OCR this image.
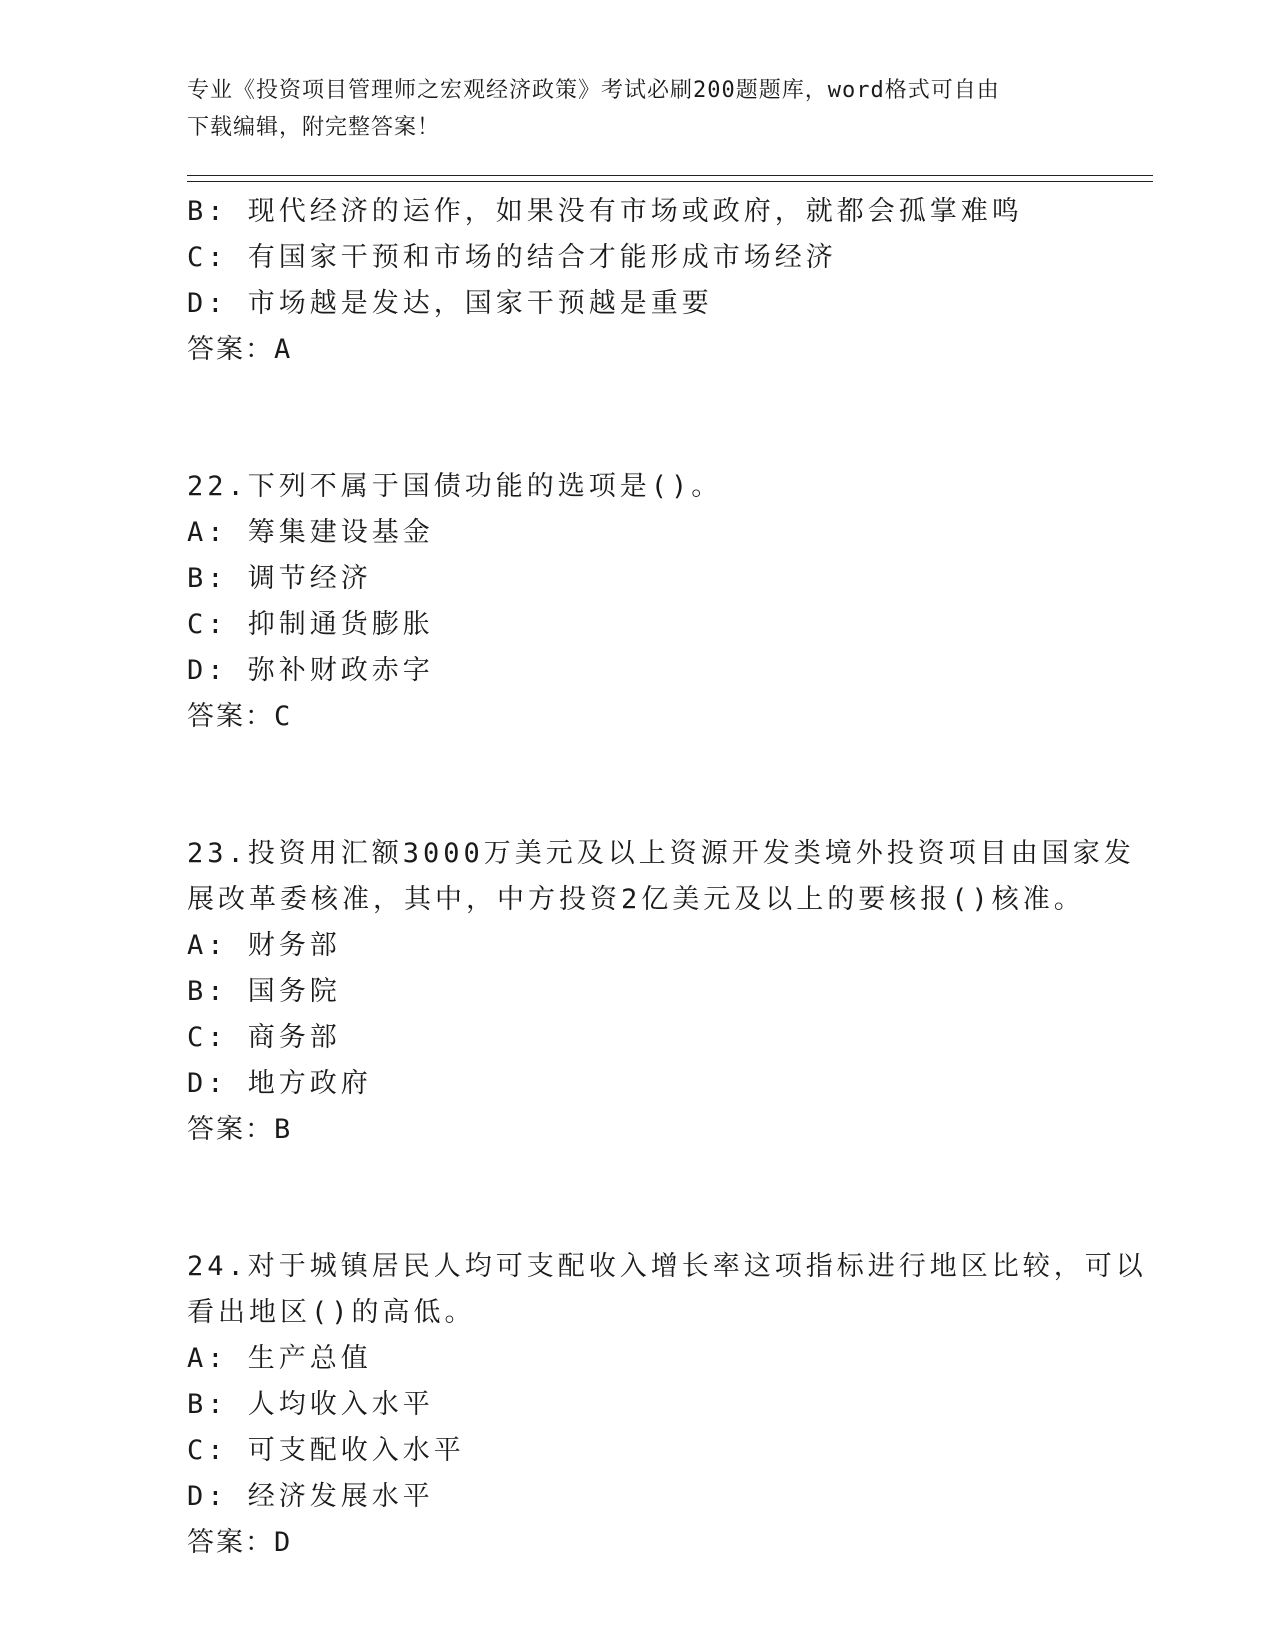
专业《投资项目管理师之宏观经济政策》考试必刷200题题库，word格式可自由
下载编辑，附完整答案！
B: 现代经济的运作，如果没有市场或政府，就都会孤掌难鸣
C: 有国家干预和市场的结合才能形成市场经济
D: 市场越是发达，国家干预越是重要
答案：A
22.下列不属于国债功能的选项是()。
A: 筹集建设基金
B: 调节经济
C: 抑制通货膨胀
D: 弥补财政赤字
答案：C
23.投资用汇额3000万美元及以上资源开发类境外投资项目由国家发
展改革委核准，其中，中方投资2亿美元及以上的要核报()核准。
A: 财务部
B: 国务院
C: 商务部
D: 地方政府
答案：B
24.对于城镇居民人均可支配收入增长率这项指标进行地区比较，可以
看出地区()的高低。
A: 生产总值
B: 人均收入水平
C: 可支配收入水平
D: 经济发展水平
答案：D
